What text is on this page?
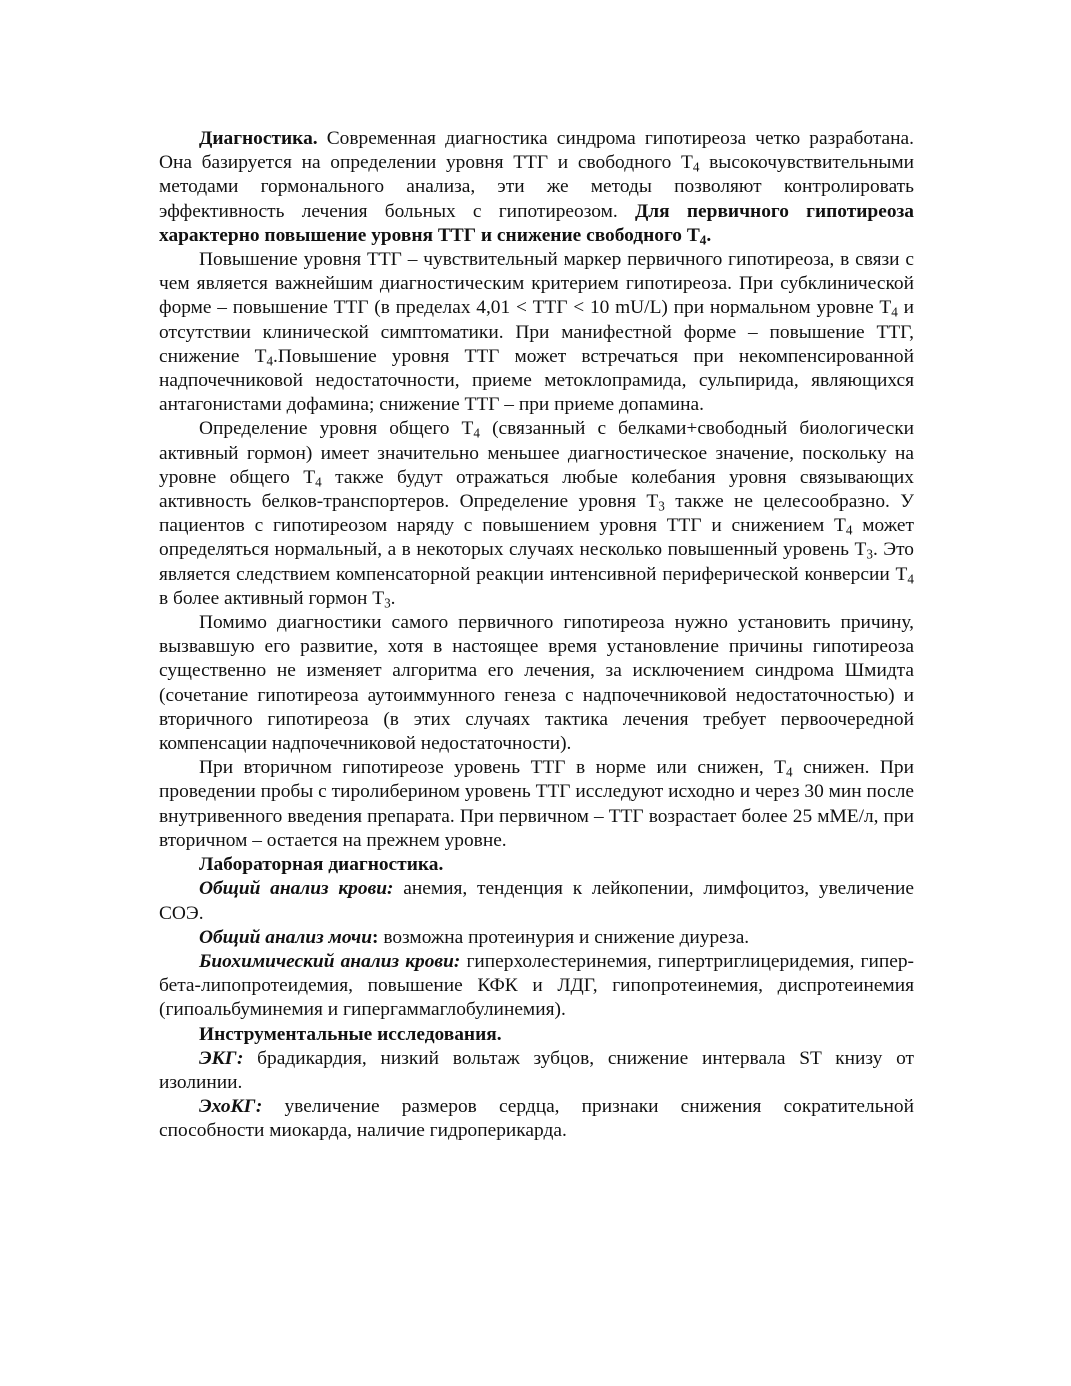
Диагностика. Современная диагностика синдрома гипотиреоза четко разработана. Она базируется на определении уровня ТТГ и свободного $Т_4$ высокочувствительными методами гормонального анализа, эти же методы позволяют контролировать эффективность лечения больных с гипотиреозом. Для первичного гипотиреоза характерно повышение уровня ТТГ и снижение свободного $Т_4$.

Повышение уровня ТТГ – чувствительный маркер первичного гипотиреоза, в связи с чем является важнейшим диагностическим критерием гипотиреоза. При субклинической форме – повышение ТТГ (в пределах 4,01 < ТТГ < 10 mU/L) при нормальном уровне $Т_4$ и отсутствии клинической симптоматики. При манифестной форме – повышение ТТГ, снижение $Т_4.Повышение$ уровня ТТГ может встречаться при некомпенсированной надпочечниковой недостаточности, приеме метоклопрамида, сульпирида, являющихся антагонистами дофамина; снижение ТТГ – при приеме допамина.

Определение уровня общего $Т_4$ (связанный с белками+свободный биологически активный гормон) имеет значительно меньшее диагностическое значение, поскольку на уровне общего $Т_4$ также будут отражаться любые колебания уровня связывающих активность белков-транспортеров. Определение уровня $Т_3$ также не целесообразно. У пациентов с гипотиреозом наряду с повышением уровня ТТГ и снижением $Т_4$ может определяться нормальный, а в некоторых случаях несколько повышенный уровень $Т_3$. Это является следствием компенсаторной реакции интенсивной периферической конверсии $Т_4$ в более активный гормон $Т_3$.

Помимо диагностики самого первичного гипотиреоза нужно установить причину, вызвавшую его развитие, хотя в настоящее время установление причины гипотиреоза существенно не изменяет алгоритма его лечения, за исключением синдрома Шмидта (сочетание гипотиреоза аутоиммунного генеза с надпочечниковой недостаточностью) и вторичного гипотиреоза (в этих случаях тактика лечения требует первоочередной компенсации надпочечниковой недостаточности).

При вторичном гипотиреозе уровень ТТГ в норме или снижен, $Т_4$ снижен. При проведении пробы с тиролиберином уровень ТТГ исследуют исходно и через 30 мин после внутривенного введения препарата. При первичном – ТТГ возрастает более 25 мМЕ/л, при вторичном – остается на прежнем уровне.

Лабораторная диагностика.

Общий анализ крови: анемия, тенденция к лейкопении, лимфоцитоз, увеличение СОЭ.

Общий анализ мочи: возможна протеинурия и снижение диуреза.

Биохимический анализ крови: гиперхолестеринемия, гипертриглицеридемия, гипер-бета-липопротеидемия, повышение КФК и ЛДГ, гипопротеинемия, диспротеинемия (гипоальбуминемия и гипергаммаглобулинемия).

Инструментальные исследования.

ЭКГ: брадикардия, низкий вольтаж зубцов, снижение интервала ST книзу от изолинии.

ЭхоКГ: увеличение размеров сердца, признаки снижения сократительной способности миокарда, наличие гидроперикарда.
